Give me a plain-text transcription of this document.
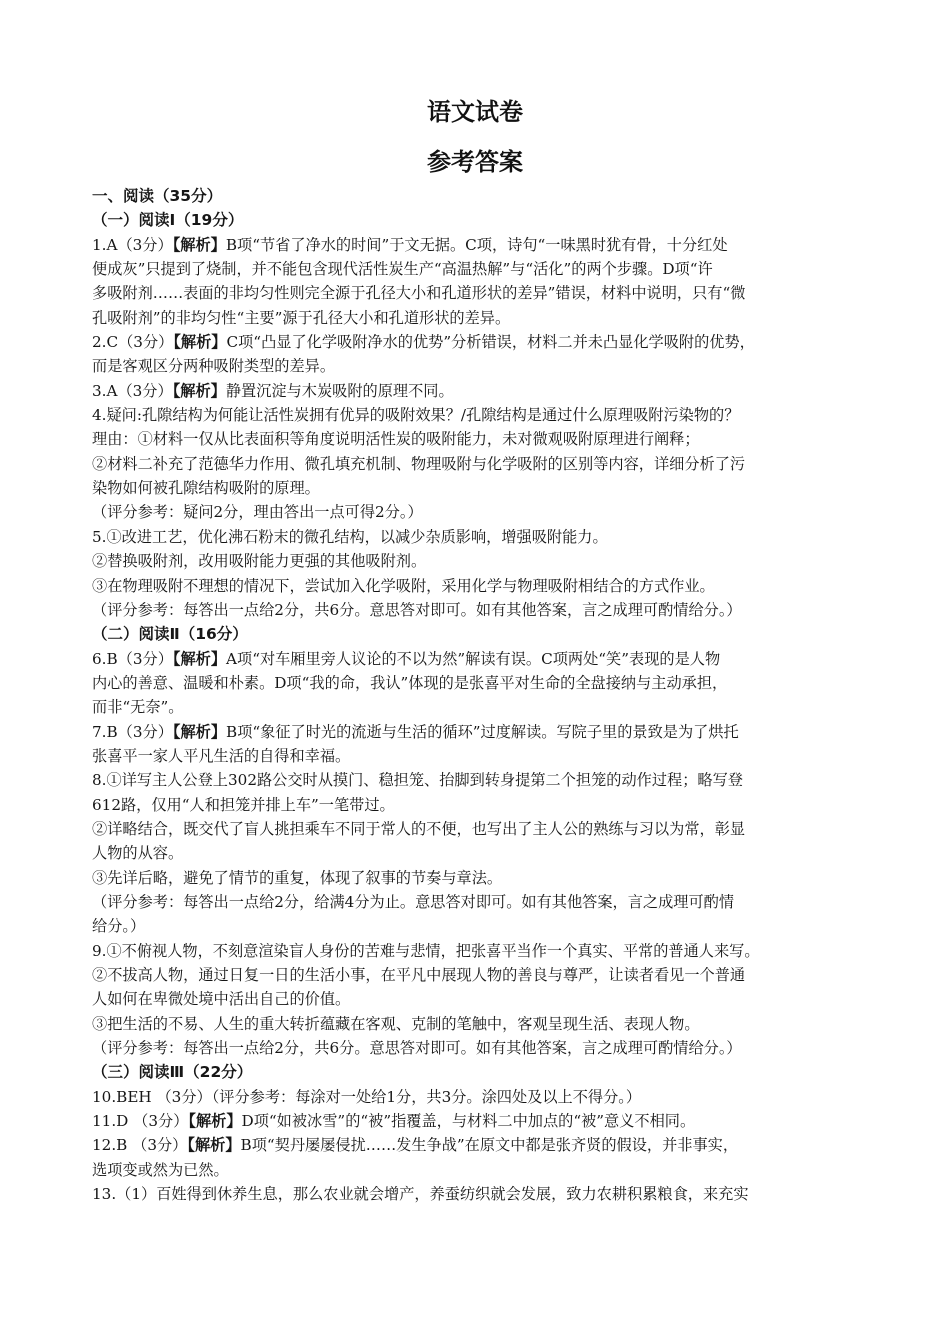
语文试卷
参考答案
一、阅读（35分）
（一）阅读Ⅰ（19分）
1.A（3分）【解析】B项“节省了净水的时间”于文无据。C项，诗句“一味黑时犹有骨，十分红处
便成灰”只提到了烧制，并不能包含现代活性炭生产“高温热解”与“活化”的两个步骤。D项“许
多吸附剂……表面的非均匀性则完全源于孔径大小和孔道形状的差异”错误，材料中说明，只有“微
孔吸附剂”的非均匀性“主要”源于孔径大小和孔道形状的差异。
2.C（3分）【解析】C项“凸显了化学吸附净水的优势”分析错误，材料二并未凸显化学吸附的优势，
而是客观区分两种吸附类型的差异。
3.A（3分）【解析】静置沉淀与木炭吸附的原理不同。
4.疑问:孔隙结构为何能让活性炭拥有优异的吸附效果？/孔隙结构是通过什么原理吸附污染物的？
理由：①材料一仅从比表面积等角度说明活性炭的吸附能力，未对微观吸附原理进行阐释；
②材料二补充了范德华力作用、微孔填充机制、物理吸附与化学吸附的区别等内容，详细分析了污
染物如何被孔隙结构吸附的原理。
（评分参考：疑问2分，理由答出一点可得2分。）
5.①改进工艺，优化沸石粉末的微孔结构，以减少杂质影响，增强吸附能力。
②替换吸附剂，改用吸附能力更强的其他吸附剂。
③在物理吸附不理想的情况下，尝试加入化学吸附，采用化学与物理吸附相结合的方式作业。
（评分参考：每答出一点给2分，共6分。意思答对即可。如有其他答案，言之成理可酌情给分。）
（二）阅读Ⅱ（16分）
6.B（3分）【解析】A项“对车厢里旁人议论的不以为然”解读有误。C项两处“笑”表现的是人物
内心的善意、温暖和朴素。D项“我的命，我认”体现的是张喜平对生命的全盘接纳与主动承担，
而非“无奈”。
7.B（3分）【解析】B项“象征了时光的流逝与生活的循环”过度解读。写院子里的景致是为了烘托
张喜平一家人平凡生活的自得和幸福。
8.①详写主人公登上302路公交时从摸门、稳担笼、抬脚到转身提第二个担笼的动作过程；略写登
612路，仅用“人和担笼并排上车”一笔带过。
②详略结合，既交代了盲人挑担乘车不同于常人的不便，也写出了主人公的熟练与习以为常，彰显
人物的从容。
③先详后略，避免了情节的重复，体现了叙事的节奏与章法。
（评分参考：每答出一点给2分，给满4分为止。意思答对即可。如有其他答案，言之成理可酌情
给分。）
9.①不俯视人物，不刻意渲染盲人身份的苦难与悲情，把张喜平当作一个真实、平常的普通人来写。
②不拔高人物，通过日复一日的生活小事，在平凡中展现人物的善良与尊严，让读者看见一个普通
人如何在卑微处境中活出自己的价值。
③把生活的不易、人生的重大转折蕴藏在客观、克制的笔触中，客观呈现生活、表现人物。
（评分参考：每答出一点给2分，共6分。意思答对即可。如有其他答案，言之成理可酌情给分。）
（三）阅读Ⅲ（22分）
10.BEH （3分）（评分参考：每涂对一处给1分，共3分。涂四处及以上不得分。）
11.D （3分）【解析】D项“如被冰雪”的“被”指覆盖，与材料二中加点的“被”意义不相同。
12.B （3分）【解析】B项“契丹屡屡侵扰……发生争战”在原文中都是张齐贤的假设，并非事实，
选项变或然为已然。
13.（1）百姓得到休养生息，那么农业就会增产，养蚕纺织就会发展，致力农耕积累粮食，来充实
